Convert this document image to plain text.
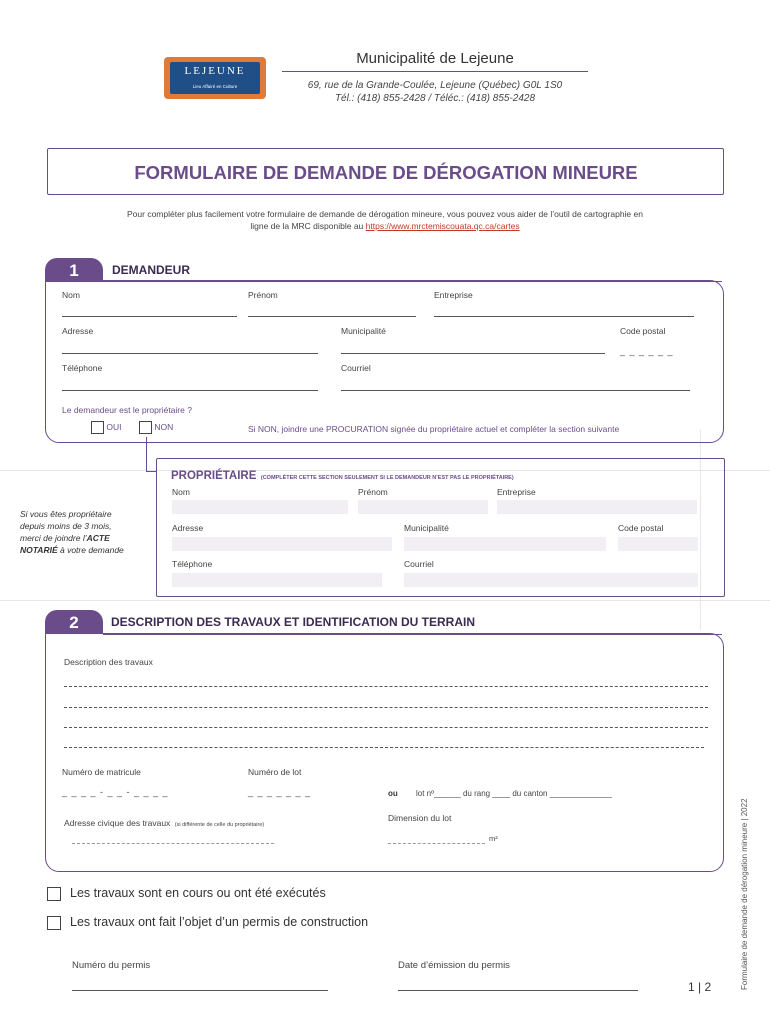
LEJEUNE
Lieu Affairé en Culture
Municipalité de Lejeune
69, rue de la Grande-Coulée, Lejeune (Québec) G0L 1S0
Tél.: (418) 855-2428 / Téléc.: (418) 855-2428
FORMULAIRE DE DEMANDE DE DÉROGATION MINEURE
Pour compléter plus facilement votre formulaire de demande de dérogation mineure, vous pouvez vous aider de l’outil de cartographie en
ligne de la MRC disponible au https://www.mrctemiscouata.qc.ca/cartes
1	DEMANDEUR
Nom	Prénom	Entreprise
Adresse	Municipalité	Code postal
_ _ _ _ _ _
Téléphone	Courriel
Le demandeur est le propriétaire ?
OUI	NON	Si NON, joindre une PROCURATION signée du propriétaire actuel et compléter la section suivante
PROPRIÉTAIRE (COMPLÉTER CETTE SECTION SEULEMENT SI LE DEMANDEUR N’EST PAS LE PROPRIÉTAIRE)
Nom	Prénom	Entreprise
Adresse	Municipalité	Code postal
Téléphone	Courriel
Si vous êtes propriétaire
depuis moins de 3 mois,
merci de joindre l’ACTE
NOTARIÉ à votre demande
2	DESCRIPTION DES TRAVAUX ET IDENTIFICATION DU TERRAIN
Description des travaux
Numéro de matricule	Numéro de lot
_ _ _ _ - _ _ - _ _ _ _	_ _ _ _ _ _ _	ou lot nº______ du rang ____ du canton ______________
Adresse civique des travaux (si différente de celle du propriétaire)
Dimension du lot
m²
Les travaux sont en cours ou ont été exécutés
Les travaux ont fait l’objet d’un permis de construction
Numéro du permis	Date d’émission du permis
1 | 2	Formulaire de demande de dérogation mineure | 2022
